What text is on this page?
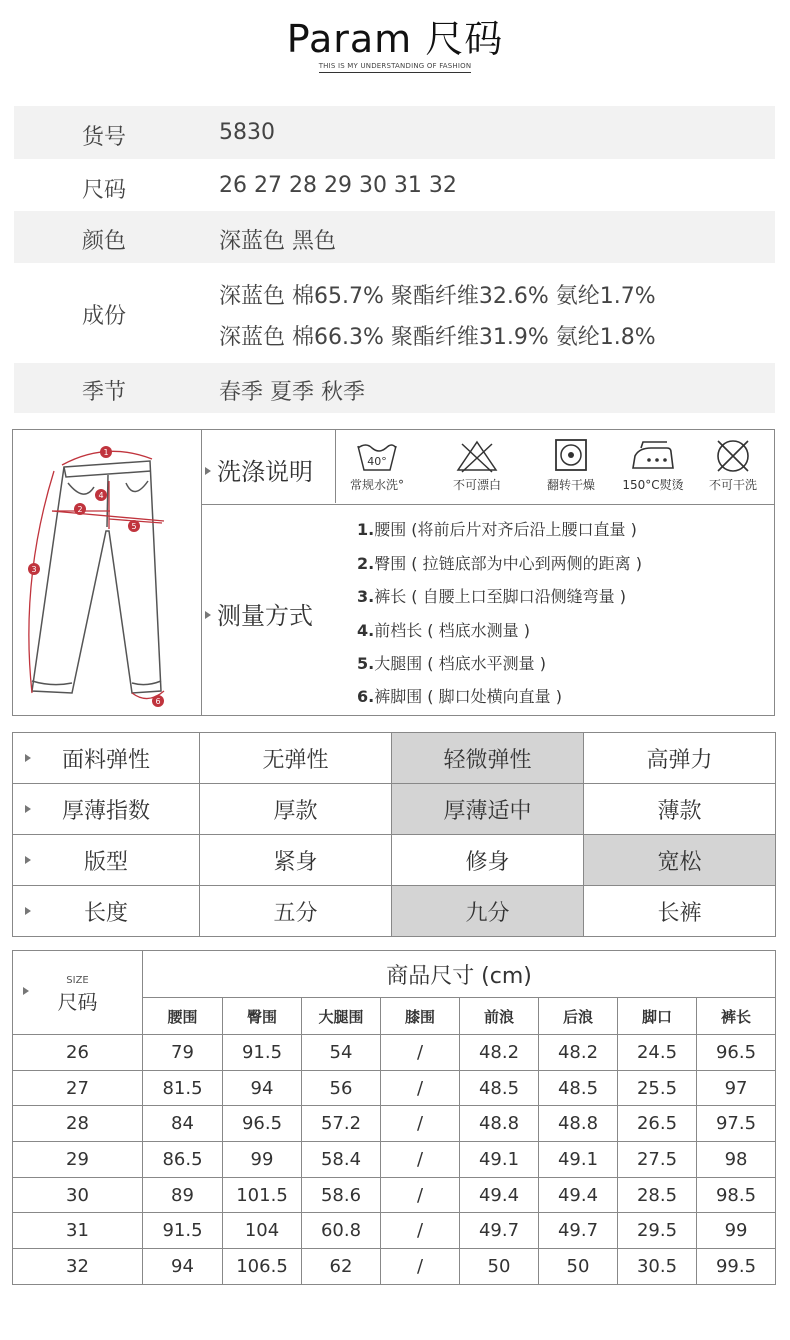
Param 尺码
THIS IS MY UNDERSTANDING OF FASHION
货号	5830
尺码	26 27 28 29 30 31 32
颜色	深蓝色 黑色
成份
深蓝色 棉65.7% 聚酯纤维32.6% 氨纶1.7%
深蓝色 棉66.3% 聚酯纤维31.9% 氨纶1.8%
季节	春季 夏季 秋季
1
2
3
4
5
6
洗涤说明	40°
常规水洗°	不可漂白	翻转干燥	150°C熨烫	不可干洗
测量方式
1.腰围 (将前后片对齐后沿上腰口直量 )
2.臀围 ( 拉链底部为中心到两侧的距离 )
3.裤长 ( 自腰上口至脚口沿侧缝弯量 )
4.前档长 ( 档底水测量 )
5.大腿围 ( 档底水平测量 )
6.裤脚围 ( 脚口处横向直量 )
面料弹性	无弹性	轻微弹性	高弹力

厚薄指数	厚款	厚薄适中	薄款

版型	紧身	修身	宽松

长度	五分	九分	长裤
SIZE
尺码	商品尺寸 (cm)							
	腰围	臀围	大腿围	膝围	前浪	后浪	脚口	裤长
26	79	91.5	54	/	48.2	48.2	24.5	96.5
27	81.5	94	56	/	48.5	48.5	25.5	97
28	84	96.5	57.2	/	48.8	48.8	26.5	97.5
29	86.5	99	58.4	/	49.1	49.1	27.5	98
30	89	101.5	58.6	/	49.4	49.4	28.5	98.5
31	91.5	104	60.8	/	49.7	49.7	29.5	99
32	94	106.5	62	/	50	50	30.5	99.5
